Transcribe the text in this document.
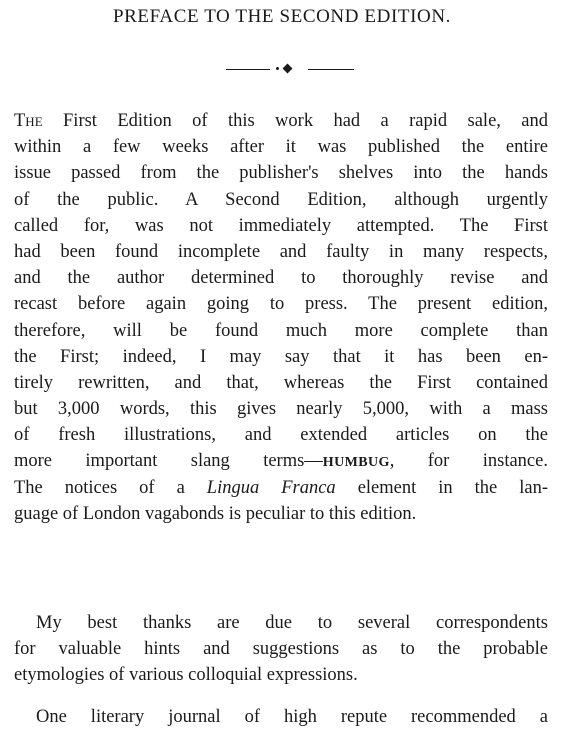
PREFACE TO THE SECOND EDITION.
The First Edition of this work had a rapid sale, and
within a few weeks after it was published the entire
issue passed from the publisher's shelves into the hands
of the public. A Second Edition, although urgently
called for, was not immediately attempted. The First
had been found incomplete and faulty in many respects,
and the author determined to thoroughly revise and
recast before again going to press. The present edition,
therefore, will be found much more complete than
the First; indeed, I may say that it has been en-
tirely rewritten, and that, whereas the First contained
but 3,000 words, this gives nearly 5,000, with a mass
of fresh illustrations, and extended articles on the
more important slang terms—HUMBUG, for instance.
The notices of a Lingua Franca element in the lan-
guage of London vagabonds is peculiar to this edition.
My best thanks are due to several correspondents
for valuable hints and suggestions as to the probable
etymologies of various colloquial expressions.
One literary journal of high repute recommended a
